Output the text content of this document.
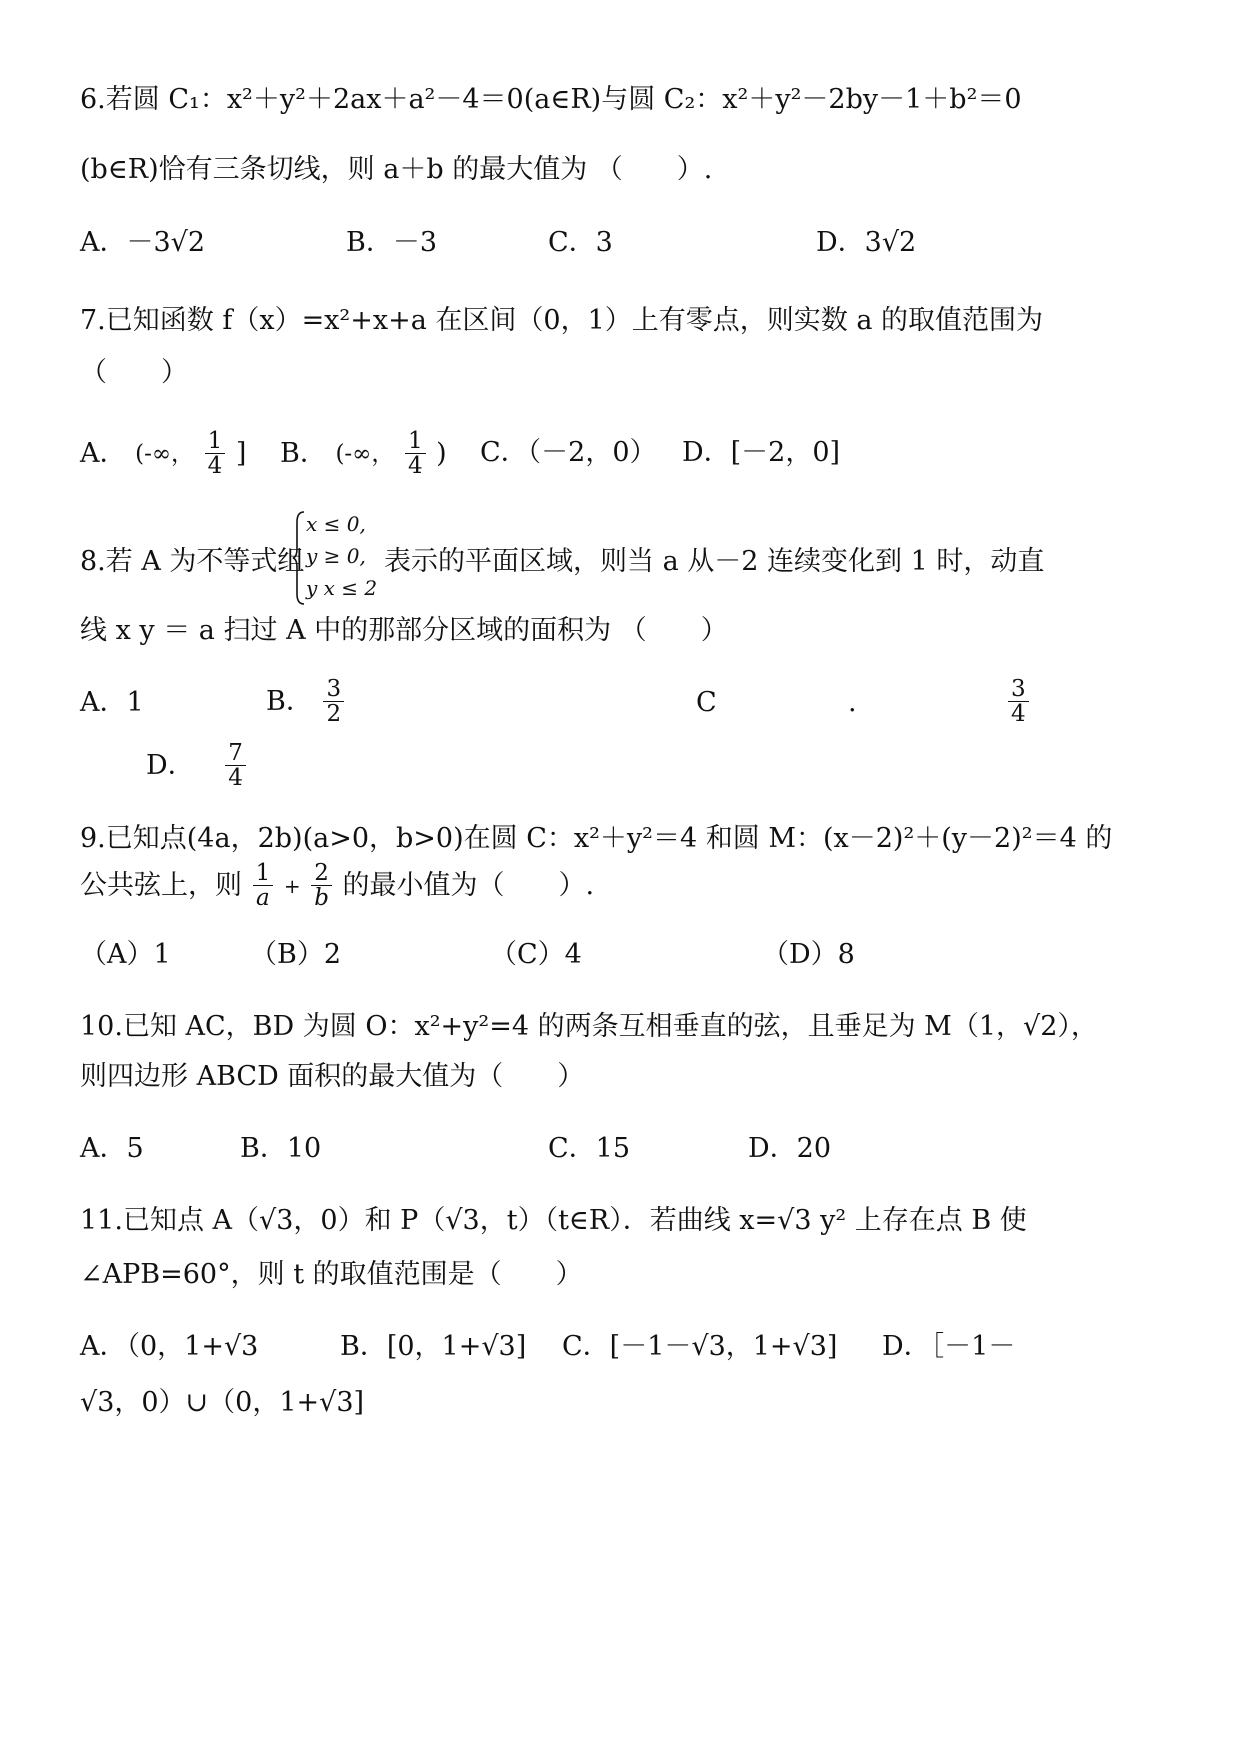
6.若圆 C₁：x²＋y²＋2ax＋a²－4＝0(a∈R)与圆 C₂：x²＋y²－2by－1＋b²＝0
(b∈R)恰有三条切线，则 a＋b 的最大值为 （　　）.
A．－3√2	B．－3	C．3	D．3√2
7.已知函数 f（x）=x²+x+a 在区间（0，1）上有零点，则实数 a 的取值范围为
（　　）
A． (-∞， $\frac{1}{4}$ ] B． (-∞， $\frac{1}{4}$ ) C．（－2，0） D．[－2，0]
8.若 A 为不等式组
x ≤ 0,
y ≥ 0,
y x ≤ 2
表示的平面区域，则当 a 从－2 连续变化到 1 时，动直
线 x y ＝ a 扫过 A 中的那部分区域的面积为 （　　）
A．1	B． $\frac{3}{2}$	C	.	$\frac{3}{4}$
D． $\frac{7}{4}$
9.已知点(4a，2b)(a>0，b>0)在圆 C：x²＋y²＝4 和圆 M：(x－2)²＋(y－2)²＝4 的
公共弦上，则 $\frac{1}{a} + \frac{2}{b}$ 的最小值为（　　）.
（A）1	（B）2	（C）4	（D）8
10.已知 AC，BD 为圆 O：x²+y²=4 的两条互相垂直的弦，且垂足为 M（1，√2），
则四边形 ABCD 面积的最大值为（　　）
A．5	B．10	C．15	D．20
11.已知点 A（√3，0）和 P（√3，t）（t∈R）．若曲线 x=√3 y² 上存在点 B 使
∠APB=60°，则 t 的取值范围是（　　）
A．（0，1+√3	B．[0，1+√3] C．[－1－√3，1+√3] D．［－1－
√3，0）∪（0，1+√3]
